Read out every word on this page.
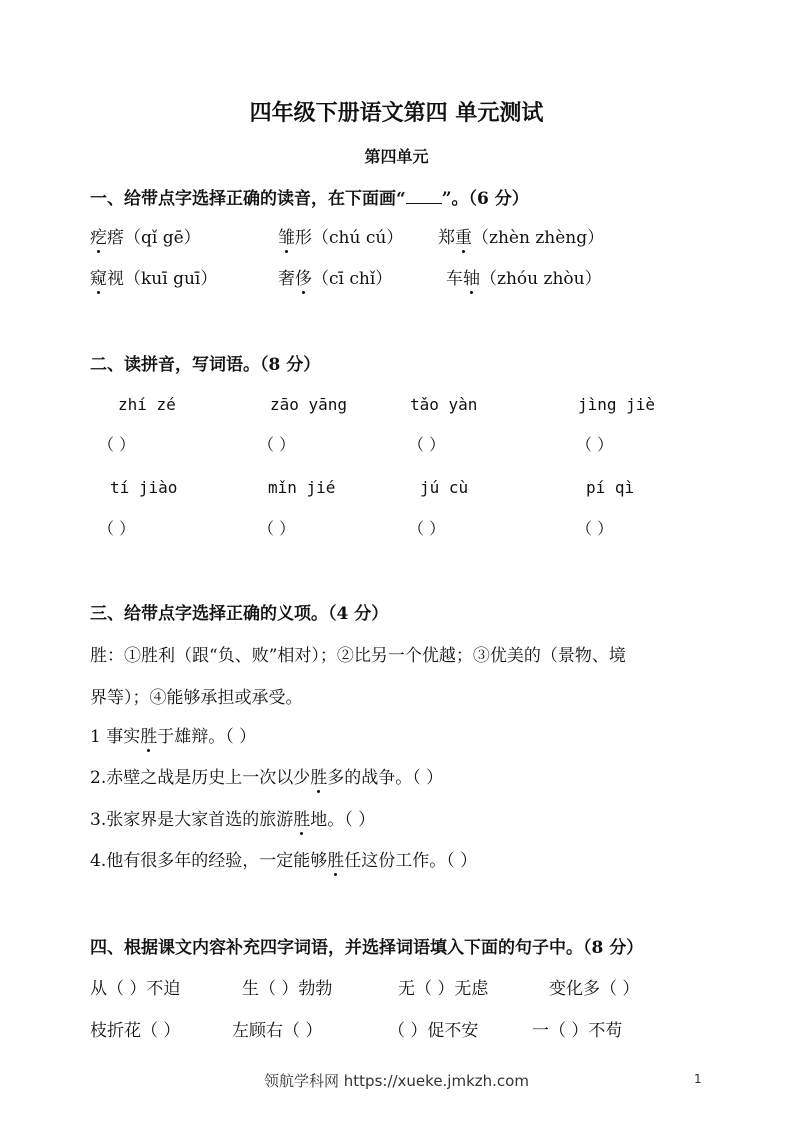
四年级下册语文第四 单元测试
第四单元
一、给带点字选择正确的读音，在下面画“ ”。（6 分）
疙瘩（qǐ gē）	雏形（chú cú） 郑重（zhèn zhèng）
窥视（kuī guī）	奢侈（cī chǐ）	车轴（zhóu zhòu）
二、读拼音，写词语。（8 分）
zhí zé	zāo yāng	tǎo yàn	jìng jiè
（ ）	（ ）	（ ）	（ ）
tí jiào	mǐn jié	jú cù	pí qì
（ ）	（ ）	（ ）	（ ）
三、给带点字选择正确的义项。（4 分）
胜：①胜利（跟“负、败”相对）；②比另一个优越；③优美的（景物、境
界等）；④能够承担或承受。
1 事实胜于雄辩。（ ）
2.赤壁之战是历史上一次以少胜多的战争。（ ）
3.张家界是大家首选的旅游胜地。（ ）
4.他有很多年的经验，一定能够胜任这份工作。（ ）
四、根据课文内容补充四字词语，并选择词语填入下面的句子中。（8 分）
从（ ）不迫	生（ ）勃勃	无（ ）无虑	变化多（ ）
枝折花（ ）	左顾右（ ）	（ ）促不安	一（ ）不苟
领航学科网 https://xueke.jmkzh.com	1
